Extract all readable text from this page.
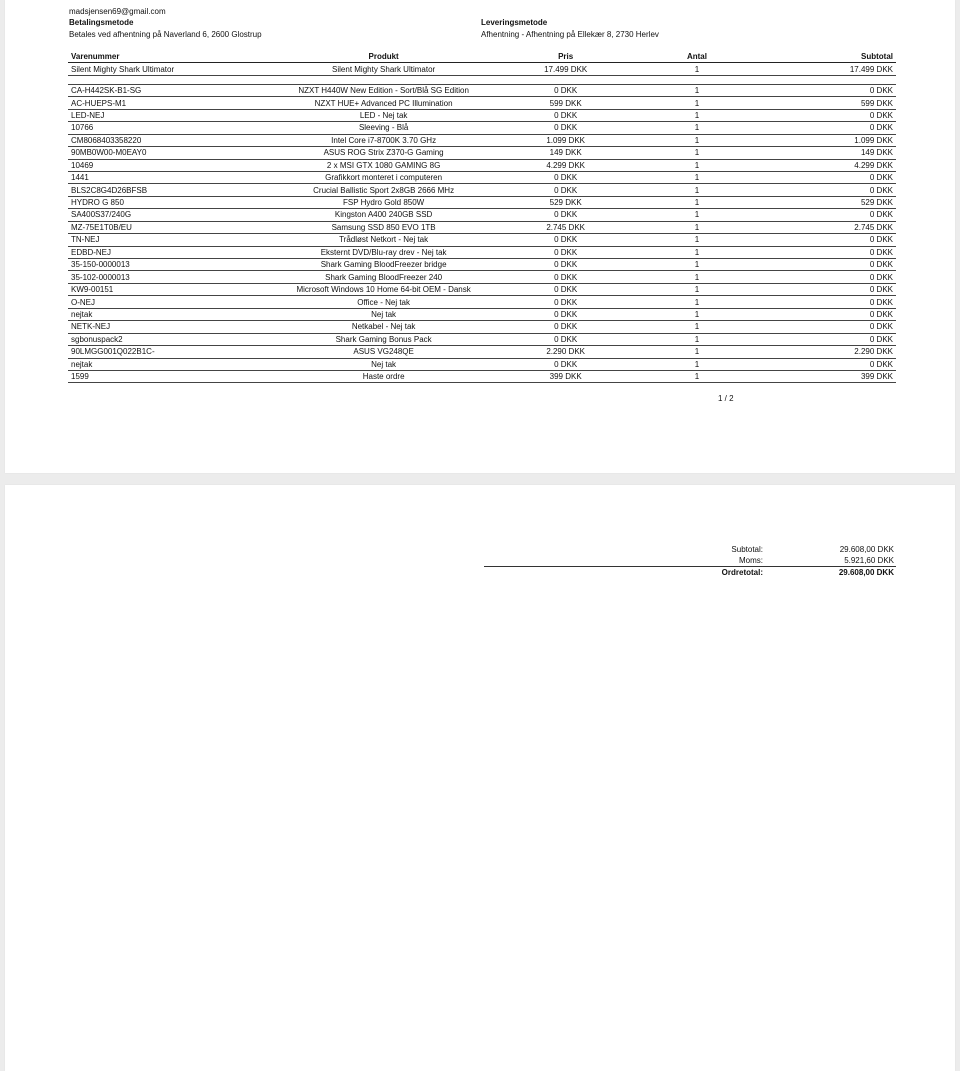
madsjensen69@gmail.com
Betalingsmetode
Betales ved afhentning på Naverland 6, 2600 Glostrup
Leveringsmetode
Afhentning - Afhentning på Ellekær 8, 2730 Herlev
Varenummer	Produkt	Pris	Antal	Subtotal
Silent Mighty Shark Ultimator	Silent Mighty Shark Ultimator	17.499 DKK	1	17.499 DKK

CA-H442SK-B1-SG	NZXT H440W New Edition - Sort/Blå SG Edition	0 DKK	1	0 DKK
AC-HUEPS-M1	NZXT HUE+ Advanced PC Illumination	599 DKK	1	599 DKK
LED-NEJ	LED - Nej tak	0 DKK	1	0 DKK
10766	Sleeving - Blå	0 DKK	1	0 DKK
CM8068403358220	Intel Core i7-8700K 3.70 GHz	1.099 DKK	1	1.099 DKK
90MB0W00-M0EAY0	ASUS ROG Strix Z370-G Gaming	149 DKK	1	149 DKK
10469	2 x MSI GTX 1080 GAMING 8G	4.299 DKK	1	4.299 DKK
1441	Grafikkort monteret i computeren	0 DKK	1	0 DKK
BLS2C8G4D26BFSB	Crucial Ballistic Sport 2x8GB 2666 MHz	0 DKK	1	0 DKK
HYDRO G 850	FSP Hydro Gold 850W	529 DKK	1	529 DKK
SA400S37/240G	Kingston A400 240GB SSD	0 DKK	1	0 DKK
MZ-75E1T0B/EU	Samsung SSD 850 EVO 1TB	2.745 DKK	1	2.745 DKK
TN-NEJ	Trådløst Netkort - Nej tak	0 DKK	1	0 DKK
EDBD-NEJ	Eksternt DVD/Blu-ray drev - Nej tak	0 DKK	1	0 DKK
35-150-0000013	Shark Gaming BloodFreezer bridge	0 DKK	1	0 DKK
35-102-0000013	Shark Gaming BloodFreezer 240	0 DKK	1	0 DKK
KW9-00151	Microsoft Windows 10 Home 64-bit OEM - Dansk	0 DKK	1	0 DKK
O-NEJ	Office - Nej tak	0 DKK	1	0 DKK
nejtak	Nej tak	0 DKK	1	0 DKK
NETK-NEJ	Netkabel - Nej tak	0 DKK	1	0 DKK
sgbonuspack2	Shark Gaming Bonus Pack	0 DKK	1	0 DKK
90LMGG001Q022B1C-	ASUS VG248QE	2.290 DKK	1	2.290 DKK
nejtak	Nej tak	0 DKK	1	0 DKK
1599	Haste ordre	399 DKK	1	399 DKK
1 / 2
Subtotal:	29.608,00 DKK
Moms:	5.921,60 DKK
Ordretotal:	29.608,00 DKK
